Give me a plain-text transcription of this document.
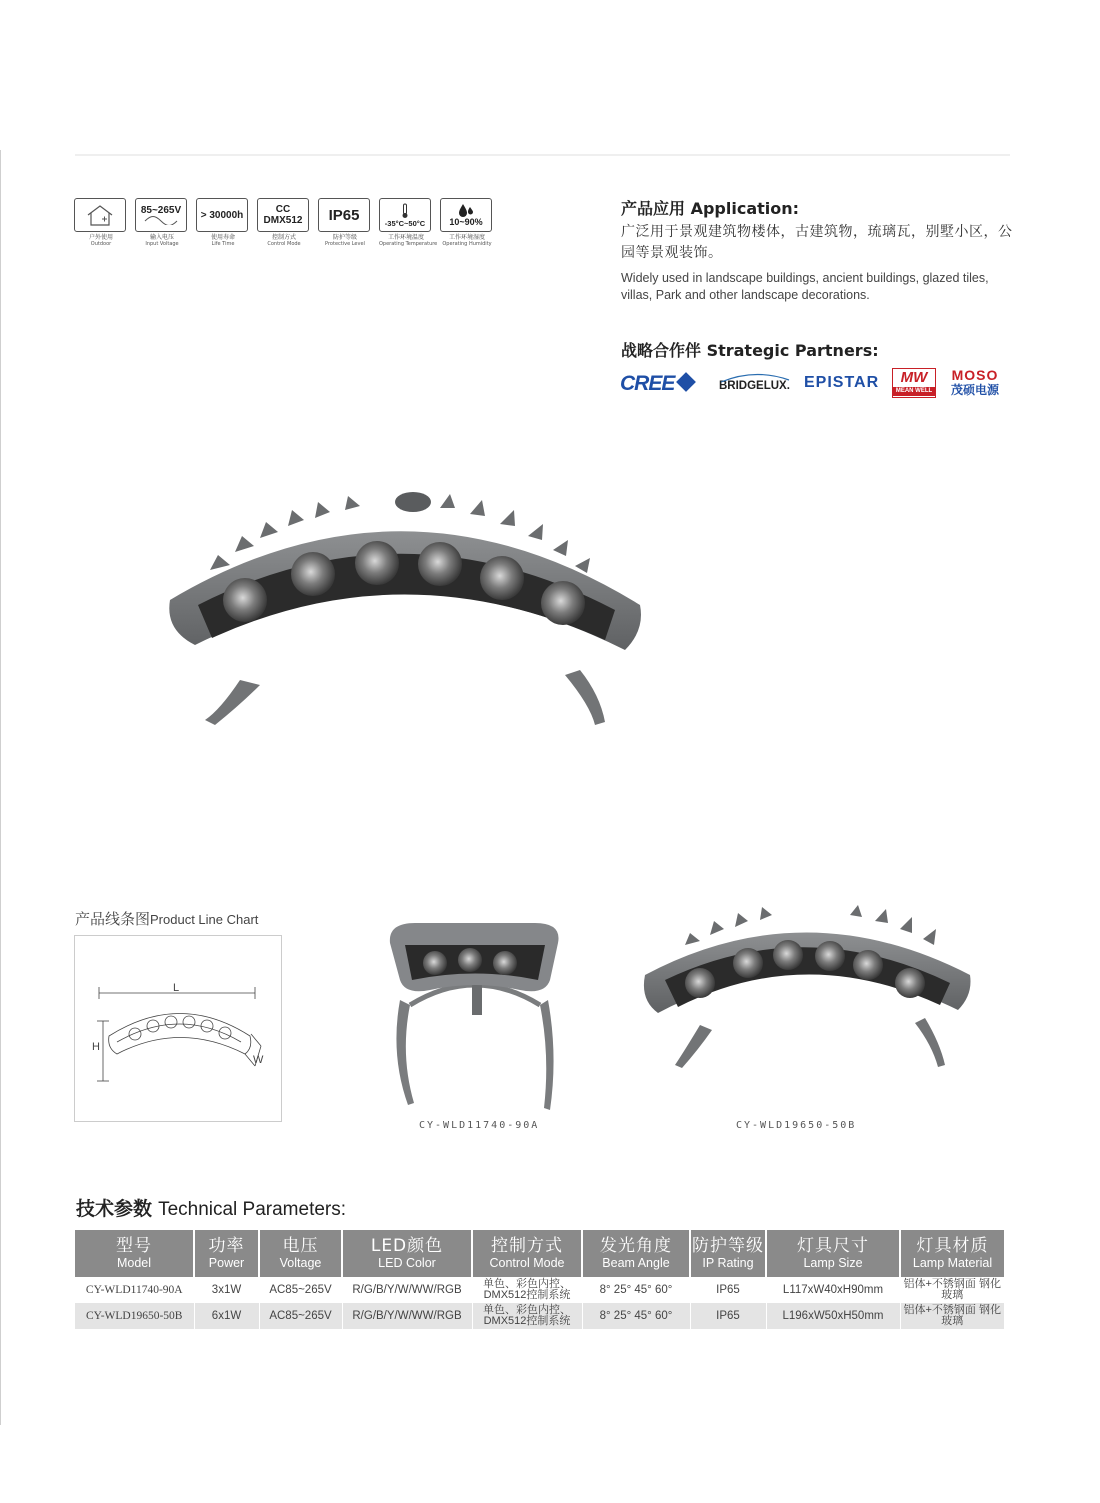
户外使用
Outdoor
85~265V
输入电压
Input Voltage
> 30000h
使用寿命
Life Time
CC DMX512
控制方式
Control Mode
IP65
防护等级
Protective Level
-35°C~50°C
工作环境温度
Operating Temperature
10~90%
工作环境湿度
Operating Humidity
产品应用 Application:
广泛用于景观建筑物楼体，古建筑物，琉璃瓦，别墅小区，公园等景观装饰。
Widely used in landscape buildings, ancient buildings, glazed tiles, villas, Park and other landscape decorations.
战略合作伴 Strategic Partners:
CREE	BRIDGELUX. EPISTAR	MW
MEAN WELL
MOSO
茂硕电源
产品线条图Product Line Chart
L
H
W
CY-WLD11740-90A	CY-WLD19650-50B
技术参数 Technical Parameters:
型号
Model	功率
Power	电压
Voltage	LED颜色
LED Color	控制方式
Control Mode	发光角度
Beam Angle	防护等级
IP Rating	灯具尺寸
Lamp Size	灯具材质
Lamp Material

CY-WLD11740-90A	3x1W	AC85~265V	R/G/B/Y/W/WW/RGB	单色、彩色内控、DMX512控制系统	8° 25° 45° 60°	IP65	L117xW40xH90mm	铝体+不锈钢面 钢化玻璃
CY-WLD19650-50B	6x1W	AC85~265V	R/G/B/Y/W/WW/RGB	单色、彩色内控、DMX512控制系统	8° 25° 45° 60°	IP65	L196xW50xH50mm	铝体+不锈钢面 钢化玻璃
